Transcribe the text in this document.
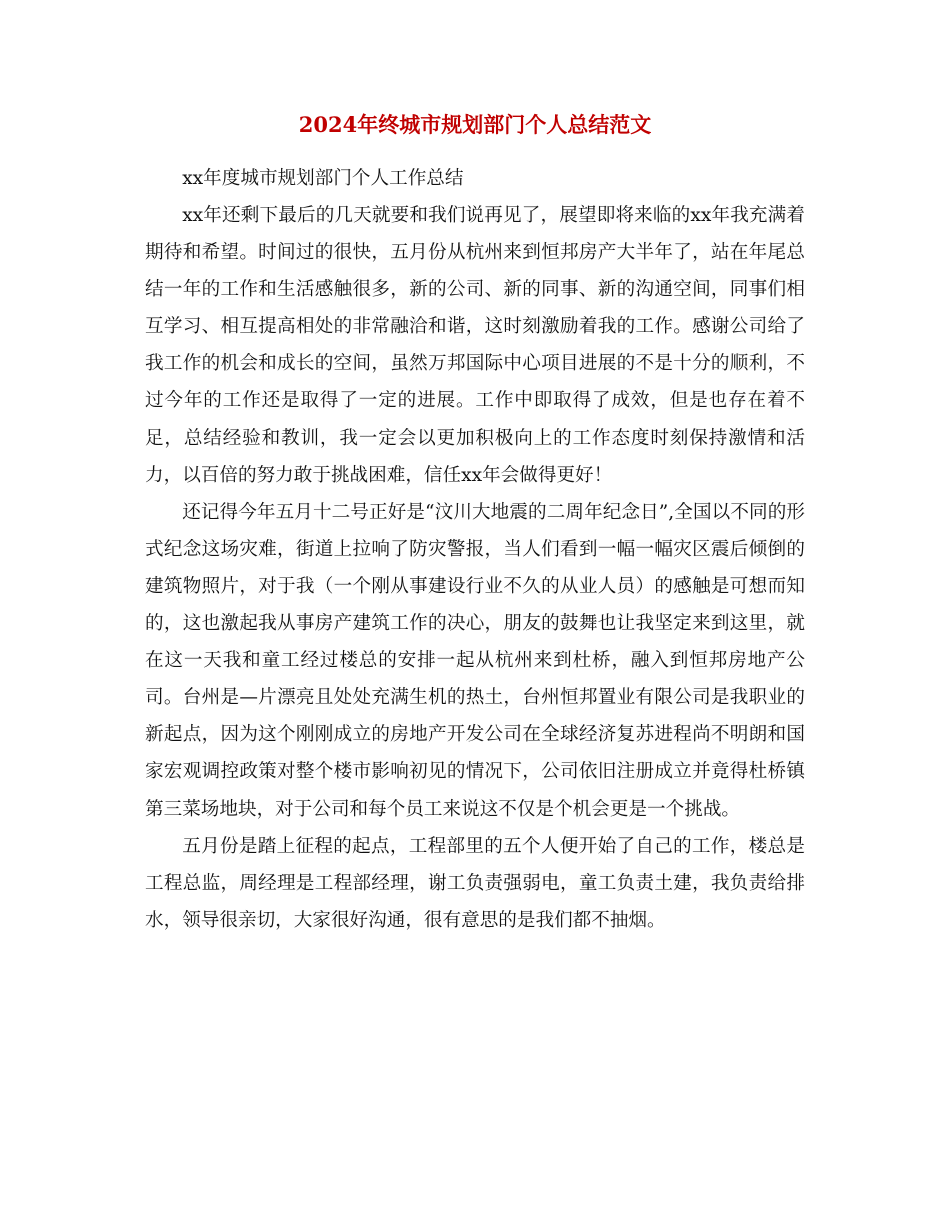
2024年终城市规划部门个人总结范文

xx年度城市规划部门个人工作总结

xx年还剩下最后的几天就要和我们说再见了，展望即将来临的xx年我充满着期待和希望。时间过的很快，五月份从杭州来到恒邦房产大半年了，站在年尾总结一年的工作和生活感触很多，新的公司、新的同事、新的沟通空间，同事们相互学习、相互提高相处的非常融洽和谐，这时刻激励着我的工作。感谢公司给了我工作的机会和成长的空间，虽然万邦国际中心项目进展的不是十分的顺利，不过今年的工作还是取得了一定的进展。工作中即取得了成效，但是也存在着不足，总结经验和教训，我一定会以更加积极向上的工作态度时刻保持激情和活力，以百倍的努力敢于挑战困难，信任xx年会做得更好！

还记得今年五月十二号正好是“汶川大地震的二周年纪念日”,全国以不同的形式纪念这场灾难，街道上拉响了防灾警报，当人们看到一幅一幅灾区震后倾倒的建筑物照片，对于我（一个刚从事建设行业不久的从业人员）的感触是可想而知的，这也激起我从事房产建筑工作的决心，朋友的鼓舞也让我坚定来到这里，就在这一天我和童工经过楼总的安排一起从杭州来到杜桥，融入到恒邦房地产公司。台州是—片漂亮且处处充满生机的热土，台州恒邦置业有限公司是我职业的新起点，因为这个刚刚成立的房地产开发公司在全球经济复苏进程尚不明朗和国家宏观调控政策对整个楼市影响初见的情况下，公司依旧注册成立并竟得杜桥镇第三菜场地块，对于公司和每个员工来说这不仅是个机会更是一个挑战。

五月份是踏上征程的起点，工程部里的五个人便开始了自己的工作，楼总是工程总监，周经理是工程部经理，谢工负责强弱电，童工负责土建，我负责给排水，领导很亲切，大家很好沟通，很有意思的是我们都不抽烟。
